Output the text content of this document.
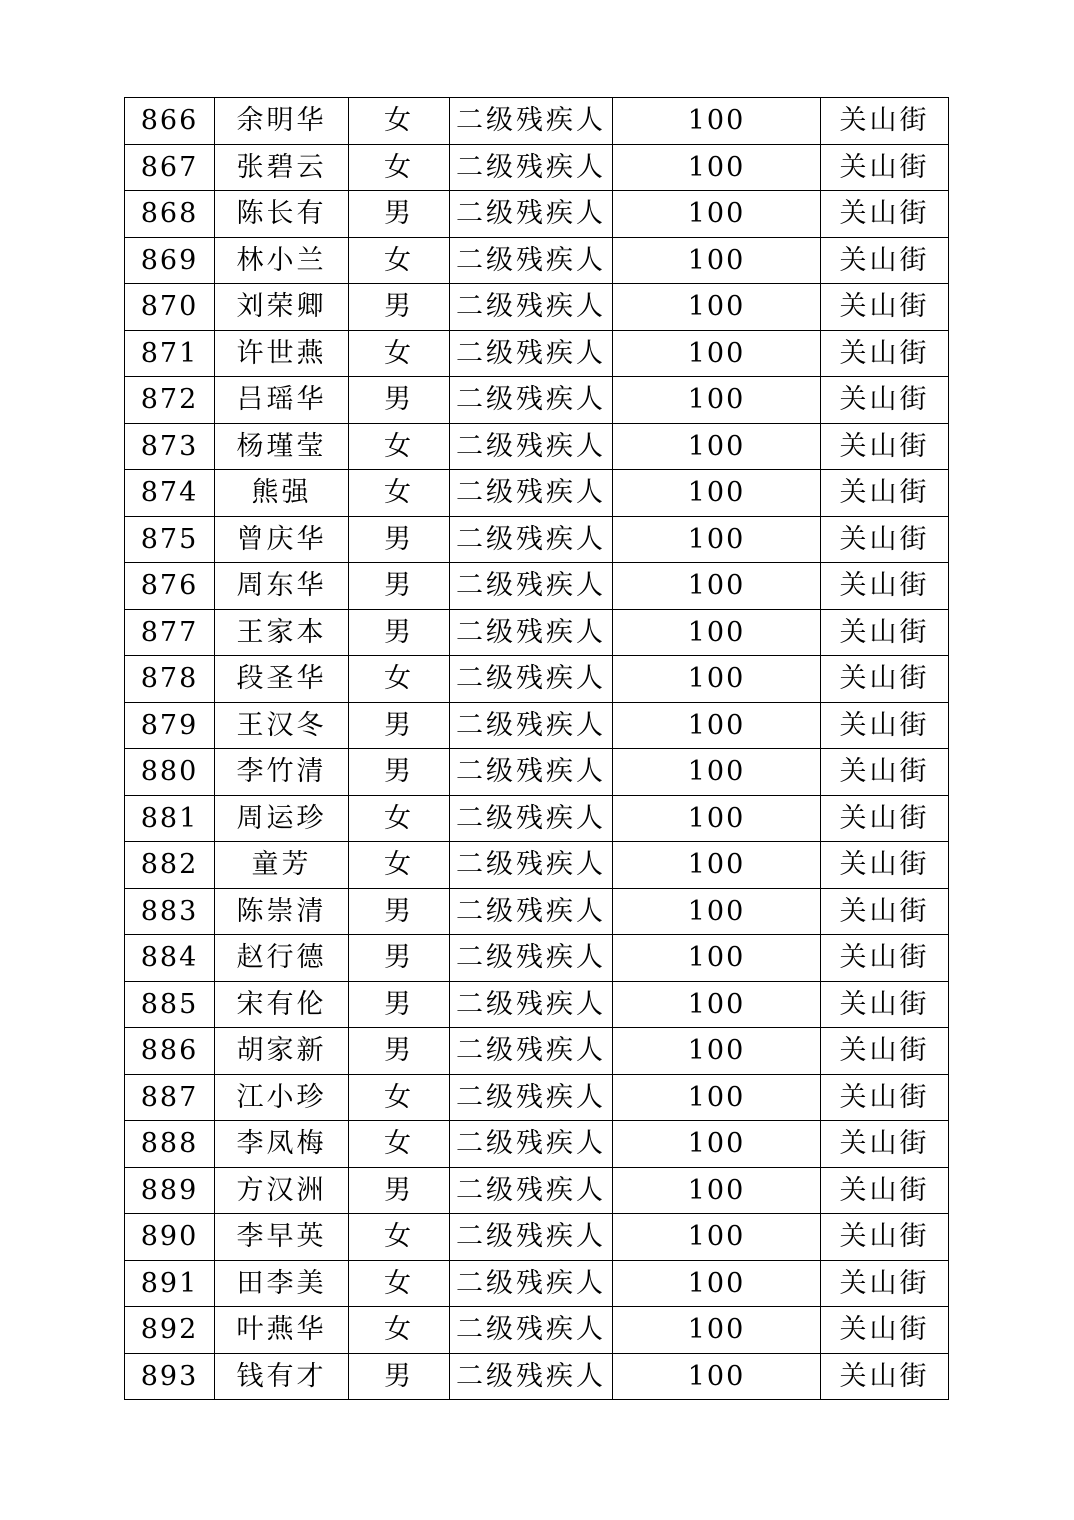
866	余明华	女	二级残疾人	100	关山街
867	张碧云	女	二级残疾人	100	关山街
868	陈长有	男	二级残疾人	100	关山街
869	林小兰	女	二级残疾人	100	关山街
870	刘荣卿	男	二级残疾人	100	关山街
871	许世燕	女	二级残疾人	100	关山街
872	吕瑶华	男	二级残疾人	100	关山街
873	杨瑾莹	女	二级残疾人	100	关山街
874	熊强	女	二级残疾人	100	关山街
875	曾庆华	男	二级残疾人	100	关山街
876	周东华	男	二级残疾人	100	关山街
877	王家本	男	二级残疾人	100	关山街
878	段圣华	女	二级残疾人	100	关山街
879	王汉冬	男	二级残疾人	100	关山街
880	李竹清	男	二级残疾人	100	关山街
881	周运珍	女	二级残疾人	100	关山街
882	童芳	女	二级残疾人	100	关山街
883	陈崇清	男	二级残疾人	100	关山街
884	赵行德	男	二级残疾人	100	关山街
885	宋有伦	男	二级残疾人	100	关山街
886	胡家新	男	二级残疾人	100	关山街
887	江小珍	女	二级残疾人	100	关山街
888	李凤梅	女	二级残疾人	100	关山街
889	方汉洲	男	二级残疾人	100	关山街
890	李早英	女	二级残疾人	100	关山街
891	田李美	女	二级残疾人	100	关山街
892	叶燕华	女	二级残疾人	100	关山街
893	钱有才	男	二级残疾人	100	关山街
